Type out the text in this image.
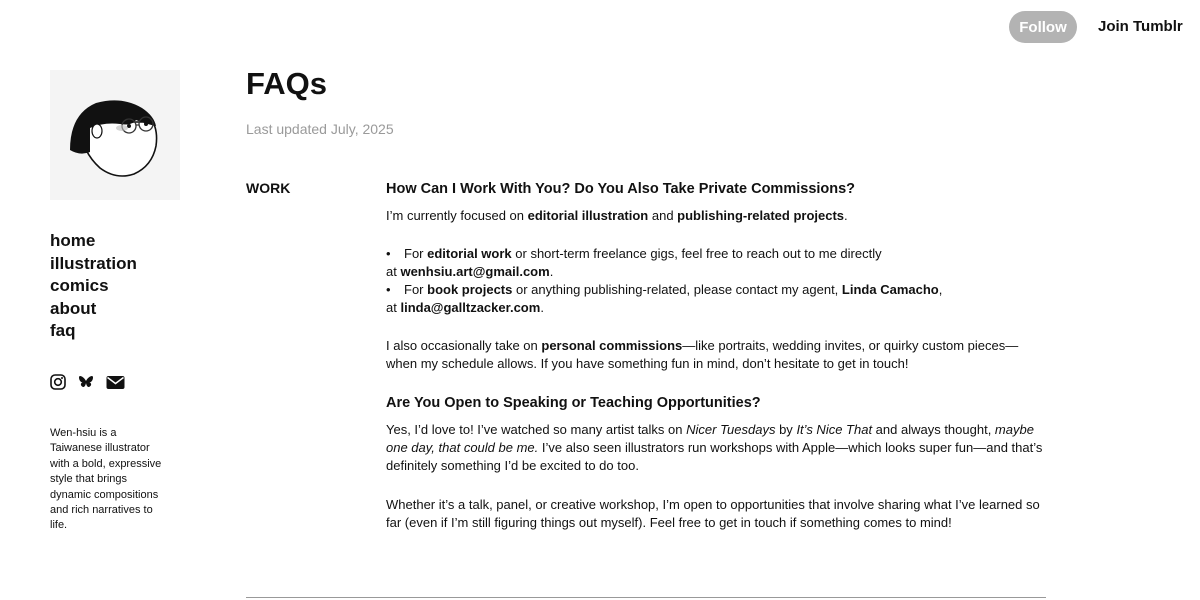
Follow	Join Tumblr
home
illustration
comics
about
faq
Wen-hsiu is a Taiwanese illustrator with a bold, expressive style that brings dynamic compositions and rich narratives to life.
FAQs
Last updated July, 2025
WORK	How Can I Work With You? Do You Also Take Private Commissions?

I’m currently focused on editorial illustration and publishing-related projects.

•	For editorial work or short-term freelance gigs, feel free to reach out to me directly
at wenhsiu.art@gmail.com.
•	For book projects or anything publishing-related, please contact my agent, Linda Camacho,
at linda@galltzacker.com.

I also occasionally take on personal commissions—like portraits, wedding invites, or quirky custom pieces—when my schedule allows. If you have something fun in mind, don’t hesitate to get in touch!

Are You Open to Speaking or Teaching Opportunities?

Yes, I’d love to! I’ve watched so many artist talks on Nicer Tuesdays by It’s Nice That and always thought, maybe one day, that could be me. I’ve also seen illustrators run workshops with Apple—which looks super fun—and that’s definitely something I’d be excited to do too.

Whether it’s a talk, panel, or creative workshop, I’m open to opportunities that involve sharing what I’ve learned so far (even if I’m still figuring things out myself). Feel free to get in touch if something comes to mind!
